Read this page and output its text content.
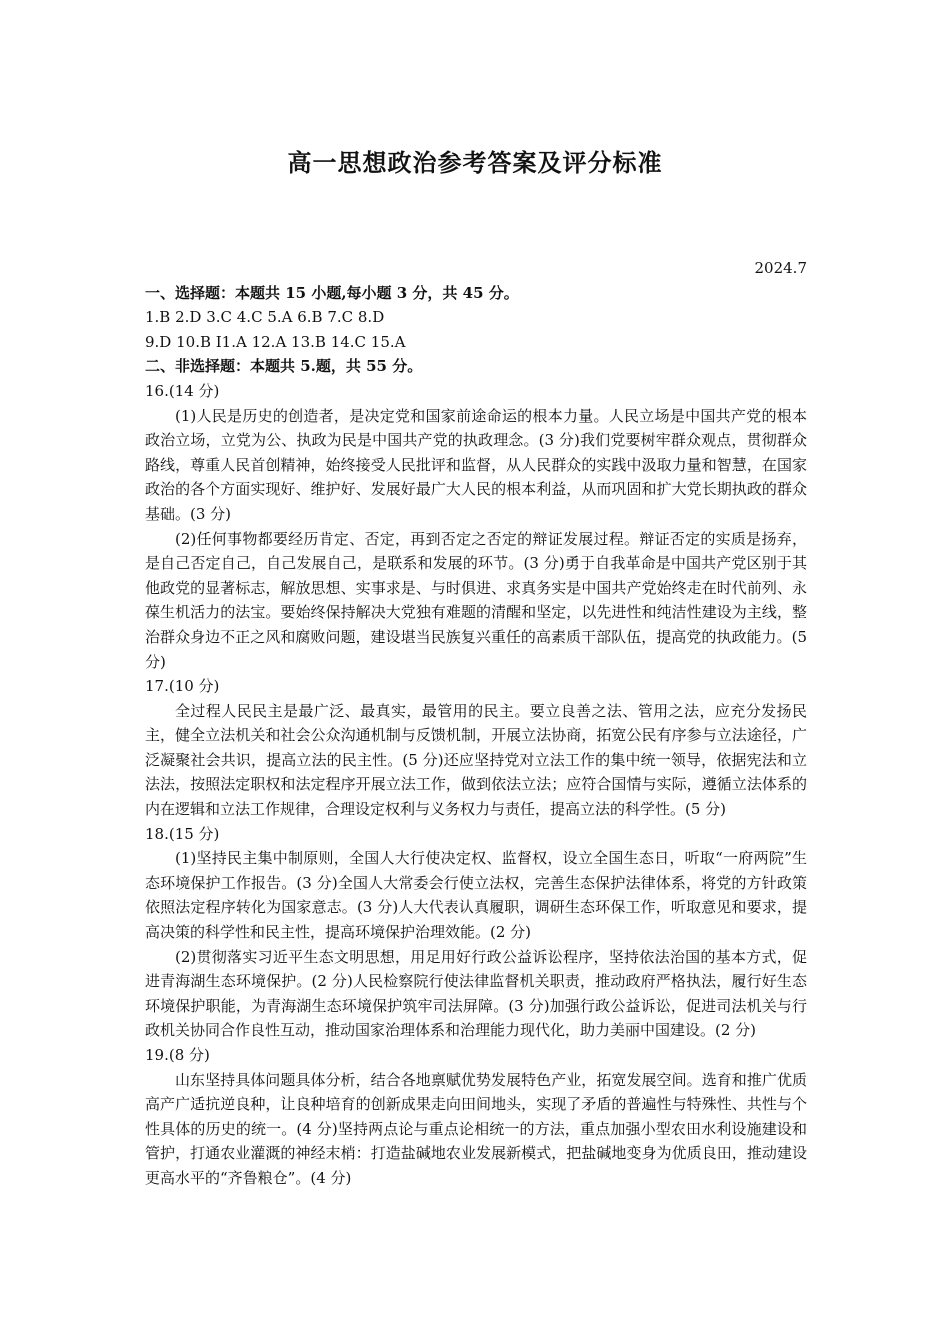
高一思想政治参考答案及评分标准
2024.7

一、选择题：本题共 15 小题,每小题 3 分，共 45 分。

1.B 2.D 3.C 4.C 5.A 6.B 7.C 8.D

9.D 10.B I1.A 12.A 13.B 14.C 15.A

二、非选择题：本题共 5.题，共 55 分。

16.(14 分)

(1)人民是历史的创造者，是决定党和国家前途命运的根本力量。人民立场是中国共产党的根本政治立场，立党为公、执政为民是中国共产党的执政理念。(3 分)我们党要树牢群众观点，贯彻群众路线，尊重人民首创精神，始终接受人民批评和监督，从人民群众的实践中汲取力量和智慧，在国家政治的各个方面实现好、维护好、发展好最广大人民的根本利益，从而巩固和扩大党长期执政的群众基础。(3 分)

(2)任何事物都要经历肯定、否定，再到否定之否定的辩证发展过程。辩证否定的实质是扬弃，是自己否定自己，自己发展自己，是联系和发展的环节。(3 分)勇于自我革命是中国共产党区别于其他政党的显著标志，解放思想、实事求是、与时俱进、求真务实是中国共产党始终走在时代前列、永葆生机活力的法宝。要始终保持解决大党独有难题的清醒和坚定，以先进性和纯洁性建设为主线，整治群众身边不正之风和腐败问题，建设堪当民族复兴重任的高素质干部队伍，提高党的执政能力。(5 分)

17.(10 分)

全过程人民民主是最广泛、最真实，最管用的民主。要立良善之法、管用之法，应充分发扬民主，健全立法机关和社会公众沟通机制与反馈机制，开展立法协商，拓宽公民有序参与立法途径，广泛凝聚社会共识，提高立法的民主性。(5 分)还应坚持党对立法工作的集中统一领导，依据宪法和立法法，按照法定职权和法定程序开展立法工作，做到依法立法；应符合国情与实际，遵循立法体系的内在逻辑和立法工作规律，合理设定权利与义务权力与责任，提高立法的科学性。(5 分)

18.(15 分)

(1)坚持民主集中制原则，全国人大行使决定权、监督权，设立全国生态日，听取“一府两院”生态环境保护工作报告。(3 分)全国人大常委会行使立法权，完善生态保护法律体系，将党的方针政策依照法定程序转化为国家意志。(3 分)人大代表认真履职，调研生态环保工作，听取意见和要求，提高决策的科学性和民主性，提高环境保护治理效能。(2 分)

(2)贯彻落实习近平生态文明思想，用足用好行政公益诉讼程序，坚持依法治国的基本方式，促进青海湖生态环境保护。(2 分)人民检察院行使法律监督机关职责，推动政府严格执法，履行好生态环境保护职能，为青海湖生态环境保护筑牢司法屏障。(3 分)加强行政公益诉讼，促进司法机关与行政机关协同合作良性互动，推动国家治理体系和治理能力现代化，助力美丽中国建设。(2 分)

19.(8 分)

山东坚持具体问题具体分析，结合各地禀赋优势发展特色产业，拓宽发展空间。选育和推广优质高产广适抗逆良种，让良种培育的创新成果走向田间地头，实现了矛盾的普遍性与特殊性、共性与个性具体的历史的统一。(4 分)坚持两点论与重点论相统一的方法，重点加强小型农田水利设施建设和管护，打通农业灌溉的神经末梢：打造盐碱地农业发展新模式，把盐碱地变身为优质良田，推动建设更高水平的“齐鲁粮仓”。(4 分)
